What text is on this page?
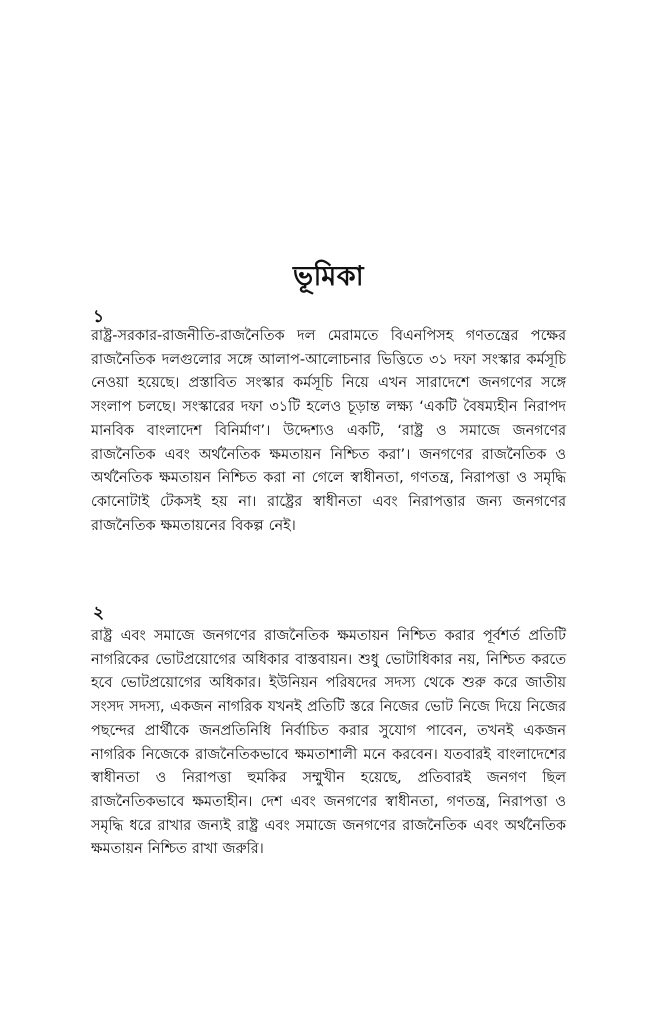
ভূমিকা
১

রাষ্ট্র-সরকার-রাজনীতি-রাজনৈতিক দল মেরামতে বিএনপিসহ গণতন্ত্রের পক্ষের রাজনৈতিক দলগুলোর সঙ্গে আলাপ-আলোচনার ভিত্তিতে ৩১ দফা সংস্কার কর্মসূচি নেওয়া হয়েছে। প্রস্তাবিত সংস্কার কর্মসূচি নিয়ে এখন সারাদেশে জনগণের সঙ্গে সংলাপ চলছে। সংস্কারের দফা ৩১টি হলেও চূড়ান্ত লক্ষ্য ‘একটি বৈষম্যহীন নিরাপদ মানবিক বাংলাদেশ বিনির্মাণ’। উদ্দেশ্যও একটি, ‘রাষ্ট্র ও সমাজে জনগণের রাজনৈতিক এবং অর্থনৈতিক ক্ষমতায়ন নিশ্চিত করা’। জনগণের রাজনৈতিক ও অর্থনৈতিক ক্ষমতায়ন নিশ্চিত করা না গেলে স্বাধীনতা, গণতন্ত্র, নিরাপত্তা ও সমৃদ্ধি কোনোটাই টেকসই হয় না। রাষ্ট্রের স্বাধীনতা এবং নিরাপত্তার জন্য জনগণের রাজনৈতিক ক্ষমতায়নের বিকল্প নেই।

২

রাষ্ট্র এবং সমাজে জনগণের রাজনৈতিক ক্ষমতায়ন নিশ্চিত করার পূর্বশর্ত প্রতিটি নাগরিকের ভোটপ্রয়োগের অধিকার বাস্তবায়ন। শুধু ভোটাধিকার নয়, নিশ্চিত করতে হবে ভোটপ্রয়োগের অধিকার। ইউনিয়ন পরিষদের সদস্য থেকে শুরু করে জাতীয় সংসদ সদস্য, একজন নাগরিক যখনই প্রতিটি স্তরে নিজের ভোট নিজে দিয়ে নিজের পছন্দের প্রার্থীকে জনপ্রতিনিধি নির্বাচিত করার সুযোগ পাবেন, তখনই একজন নাগরিক নিজেকে রাজনৈতিকভাবে ক্ষমতাশালী মনে করবেন। যতবারই বাংলাদেশের স্বাধীনতা ও নিরাপত্তা হুমকির সম্মুখীন হয়েছে, প্রতিবারই জনগণ ছিল রাজনৈতিকভাবে ক্ষমতাহীন। দেশ এবং জনগণের স্বাধীনতা, গণতন্ত্র, নিরাপত্তা ও সমৃদ্ধি ধরে রাখার জন্যই রাষ্ট্র এবং সমাজে জনগণের রাজনৈতিক এবং অর্থনৈতিক ক্ষমতায়ন নিশ্চিত রাখা জরুরি।
